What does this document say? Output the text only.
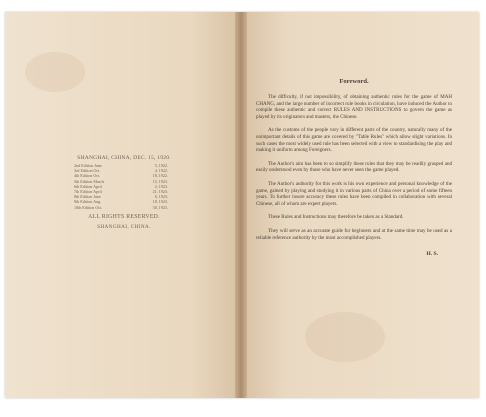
SHANGHAI, CHINA, DEC. 15, 1920.
2nd Edition June	5, 1922.
3rd Edition Oct.	4, 1922.
4th Edition Oct.	18, 1922.
5th Edition March	15, 1923.
6th Edition April	2, 1923.
7th Edition April	21, 1923.
8th Edition June	6, 1923.
9th Edition Aug.	18, 1923.
10th Edition Oct.	30, 1923.
ALL RIGHTS RESERVED.
SHANGHAI, CHINA.
Foreword.

The difficulty, if not impossibility, of obtaining authentic rules for the game of MAH CHANG, and the large number of incorrect rule books in circulation, have induced the Author to compile these authentic and correct RULES AND INSTRUCTIONS to govern the game as played by its originators and masters, the Chinese.

As the customs of the people vary in different parts of the country, naturally many of the unimportant details of this game are covered by "Table Rules" which allow slight variations. In such cases the most widely used rule has been selected with a view to standardising the play and making it uniform among Foreigners.

The Author's aim has been to so simplify these rules that they may be readily grasped and easily understood even by those who have never seen the game played.

The Author's authority for this work is his own experience and personal knowledge of the game, gained by playing and studying it in various parts of China over a period of some fifteen years. To further insure accuracy these rules have been compiled in collaboration with several Chinese, all of whom are expert players.

These Rules and Instructions may therefore be taken as a Standard.

They will serve as an accurate guide for beginners and at the same time may be used as a reliable reference authority by the most accomplished players.

H. S.
